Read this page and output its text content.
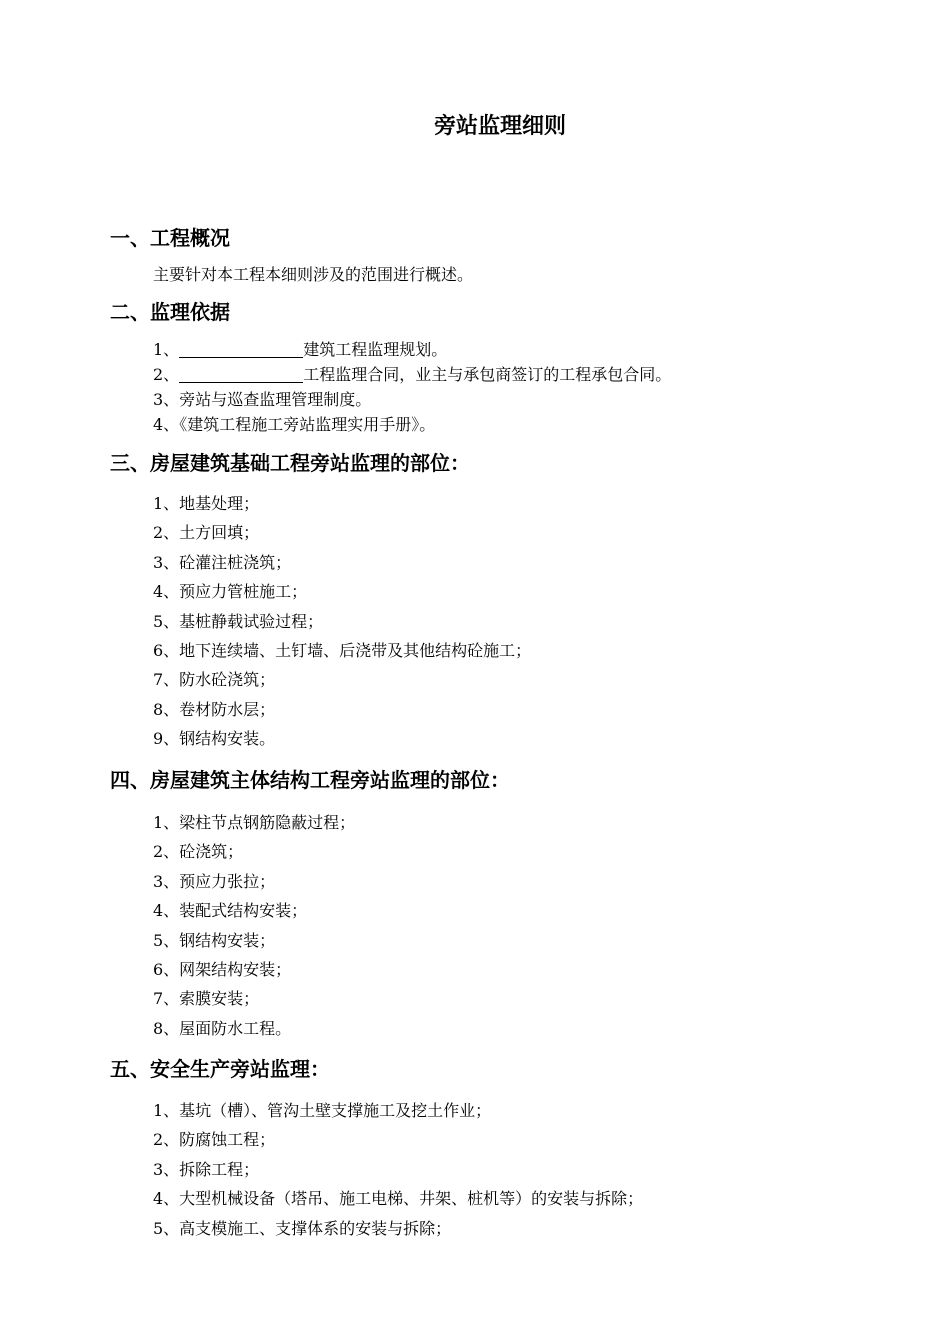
旁站监理细则
一、工程概况

主要针对本工程本细则涉及的范围进行概述。

二、监理依据
1、	建筑工程监理规划。
2、	工程监理合同，业主与承包商签订的工程承包合同。
3、旁站与巡查监理管理制度。
4、《建筑工程施工旁站监理实用手册》。
三、房屋建筑基础工程旁站监理的部位：
1、地基处理；
2、土方回填；
3、砼灌注桩浇筑；
4、预应力管桩施工；
5、基桩静载试验过程；
6、地下连续墙、土钉墙、后浇带及其他结构砼施工；
7、防水砼浇筑；
8、卷材防水层；
9、钢结构安装。
四、房屋建筑主体结构工程旁站监理的部位：
1、梁柱节点钢筋隐蔽过程；
2、砼浇筑；
3、预应力张拉；
4、装配式结构安装；
5、钢结构安装；
6、网架结构安装；
7、索膜安装；
8、屋面防水工程。
五、安全生产旁站监理：
1、基坑（槽）、管沟土壁支撑施工及挖土作业；
2、防腐蚀工程；
3、拆除工程；
4、大型机械设备（塔吊、施工电梯、井架、桩机等）的安装与拆除；
5、高支模施工、支撑体系的安装与拆除；
